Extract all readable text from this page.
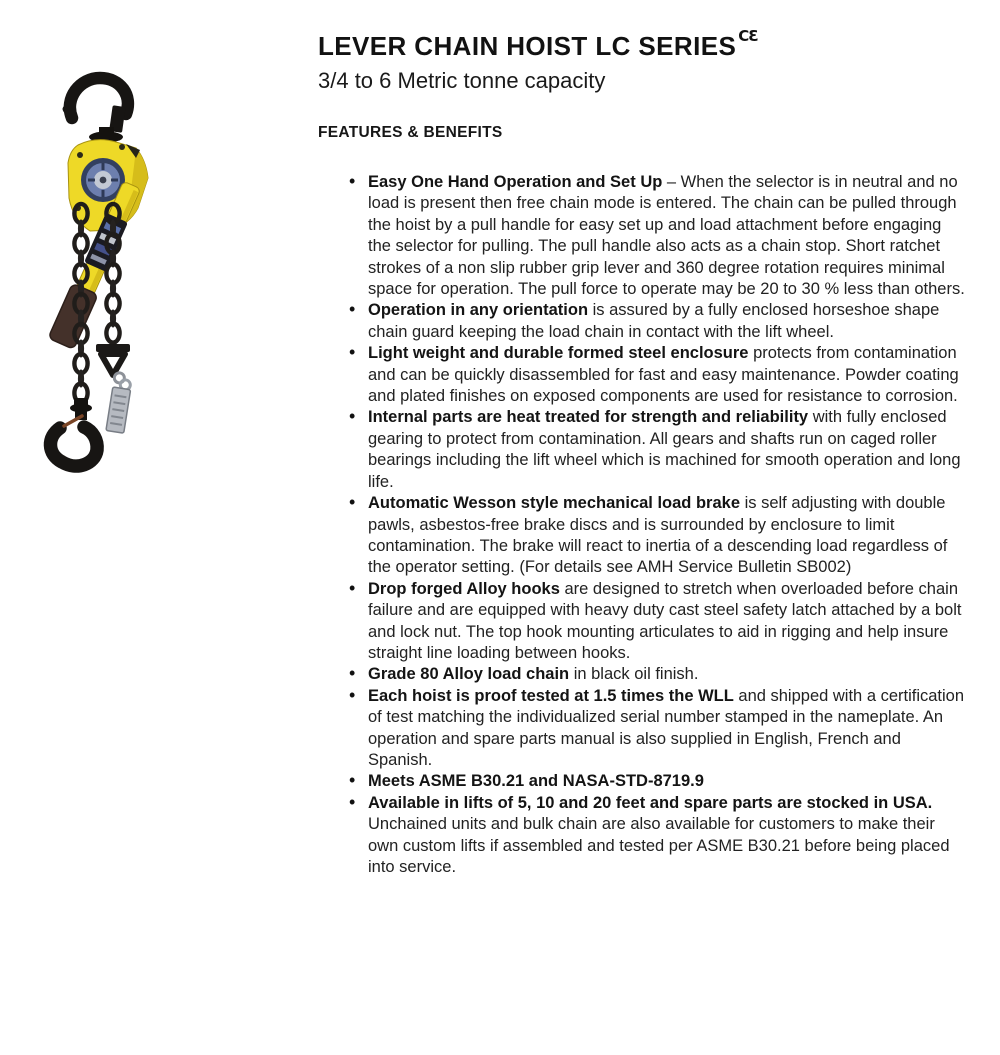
LEVER CHAIN HOIST LC SERIES $^{CƐ}$
3/4 to 6 Metric tonne capacity
FEATURES & BENEFITS
• Easy One Hand Operation and Set Up – When the selector is in neutral and no load is present then free chain mode is entered. The chain can be pulled through the hoist by a pull handle for easy set up and load attachment before engaging the selector for pulling. The pull handle also acts as a chain stop. Short ratchet strokes of a non slip rubber grip lever and 360 degree rotation requires minimal space for operation. The pull force to operate may be 20 to 30 % less than others.
• Operation in any orientation is assured by a fully enclosed horseshoe shape chain guard keeping the load chain in contact with the lift wheel.
• Light weight and durable formed steel enclosure protects from contamination and can be quickly disassembled for fast and easy maintenance. Powder coating and plated finishes on exposed components are used for resistance to corrosion.
• Internal parts are heat treated for strength and reliability with fully enclosed gearing to protect from contamination. All gears and shafts run on caged roller bearings including the lift wheel which is machined for smooth operation and long life.
• Automatic Wesson style mechanical load brake is self adjusting with double pawls, asbestos-free brake discs and is surrounded by enclosure to limit contamination. The brake will react to inertia of a descending load regardless of the operator setting. (For details see AMH Service Bulletin SB002)
• Drop forged Alloy hooks are designed to stretch when overloaded before chain failure and are equipped with heavy duty cast steel safety latch attached by a bolt and lock nut. The top hook mounting articulates to aid in rigging and help insure straight line loading between hooks.
• Grade 80 Alloy load chain in black oil finish.
• Each hoist is proof tested at 1.5 times the WLL and shipped with a certification of test matching the individualized serial number stamped in the nameplate. An operation and spare parts manual is also supplied in English, French and Spanish.
• Meets ASME B30.21 and NASA-STD-8719.9
• Available in lifts of 5, 10 and 20 feet and spare parts are stocked in USA. Unchained units and bulk chain are also available for customers to make their own custom lifts if assembled and tested per ASME B30.21 before being placed into service.
